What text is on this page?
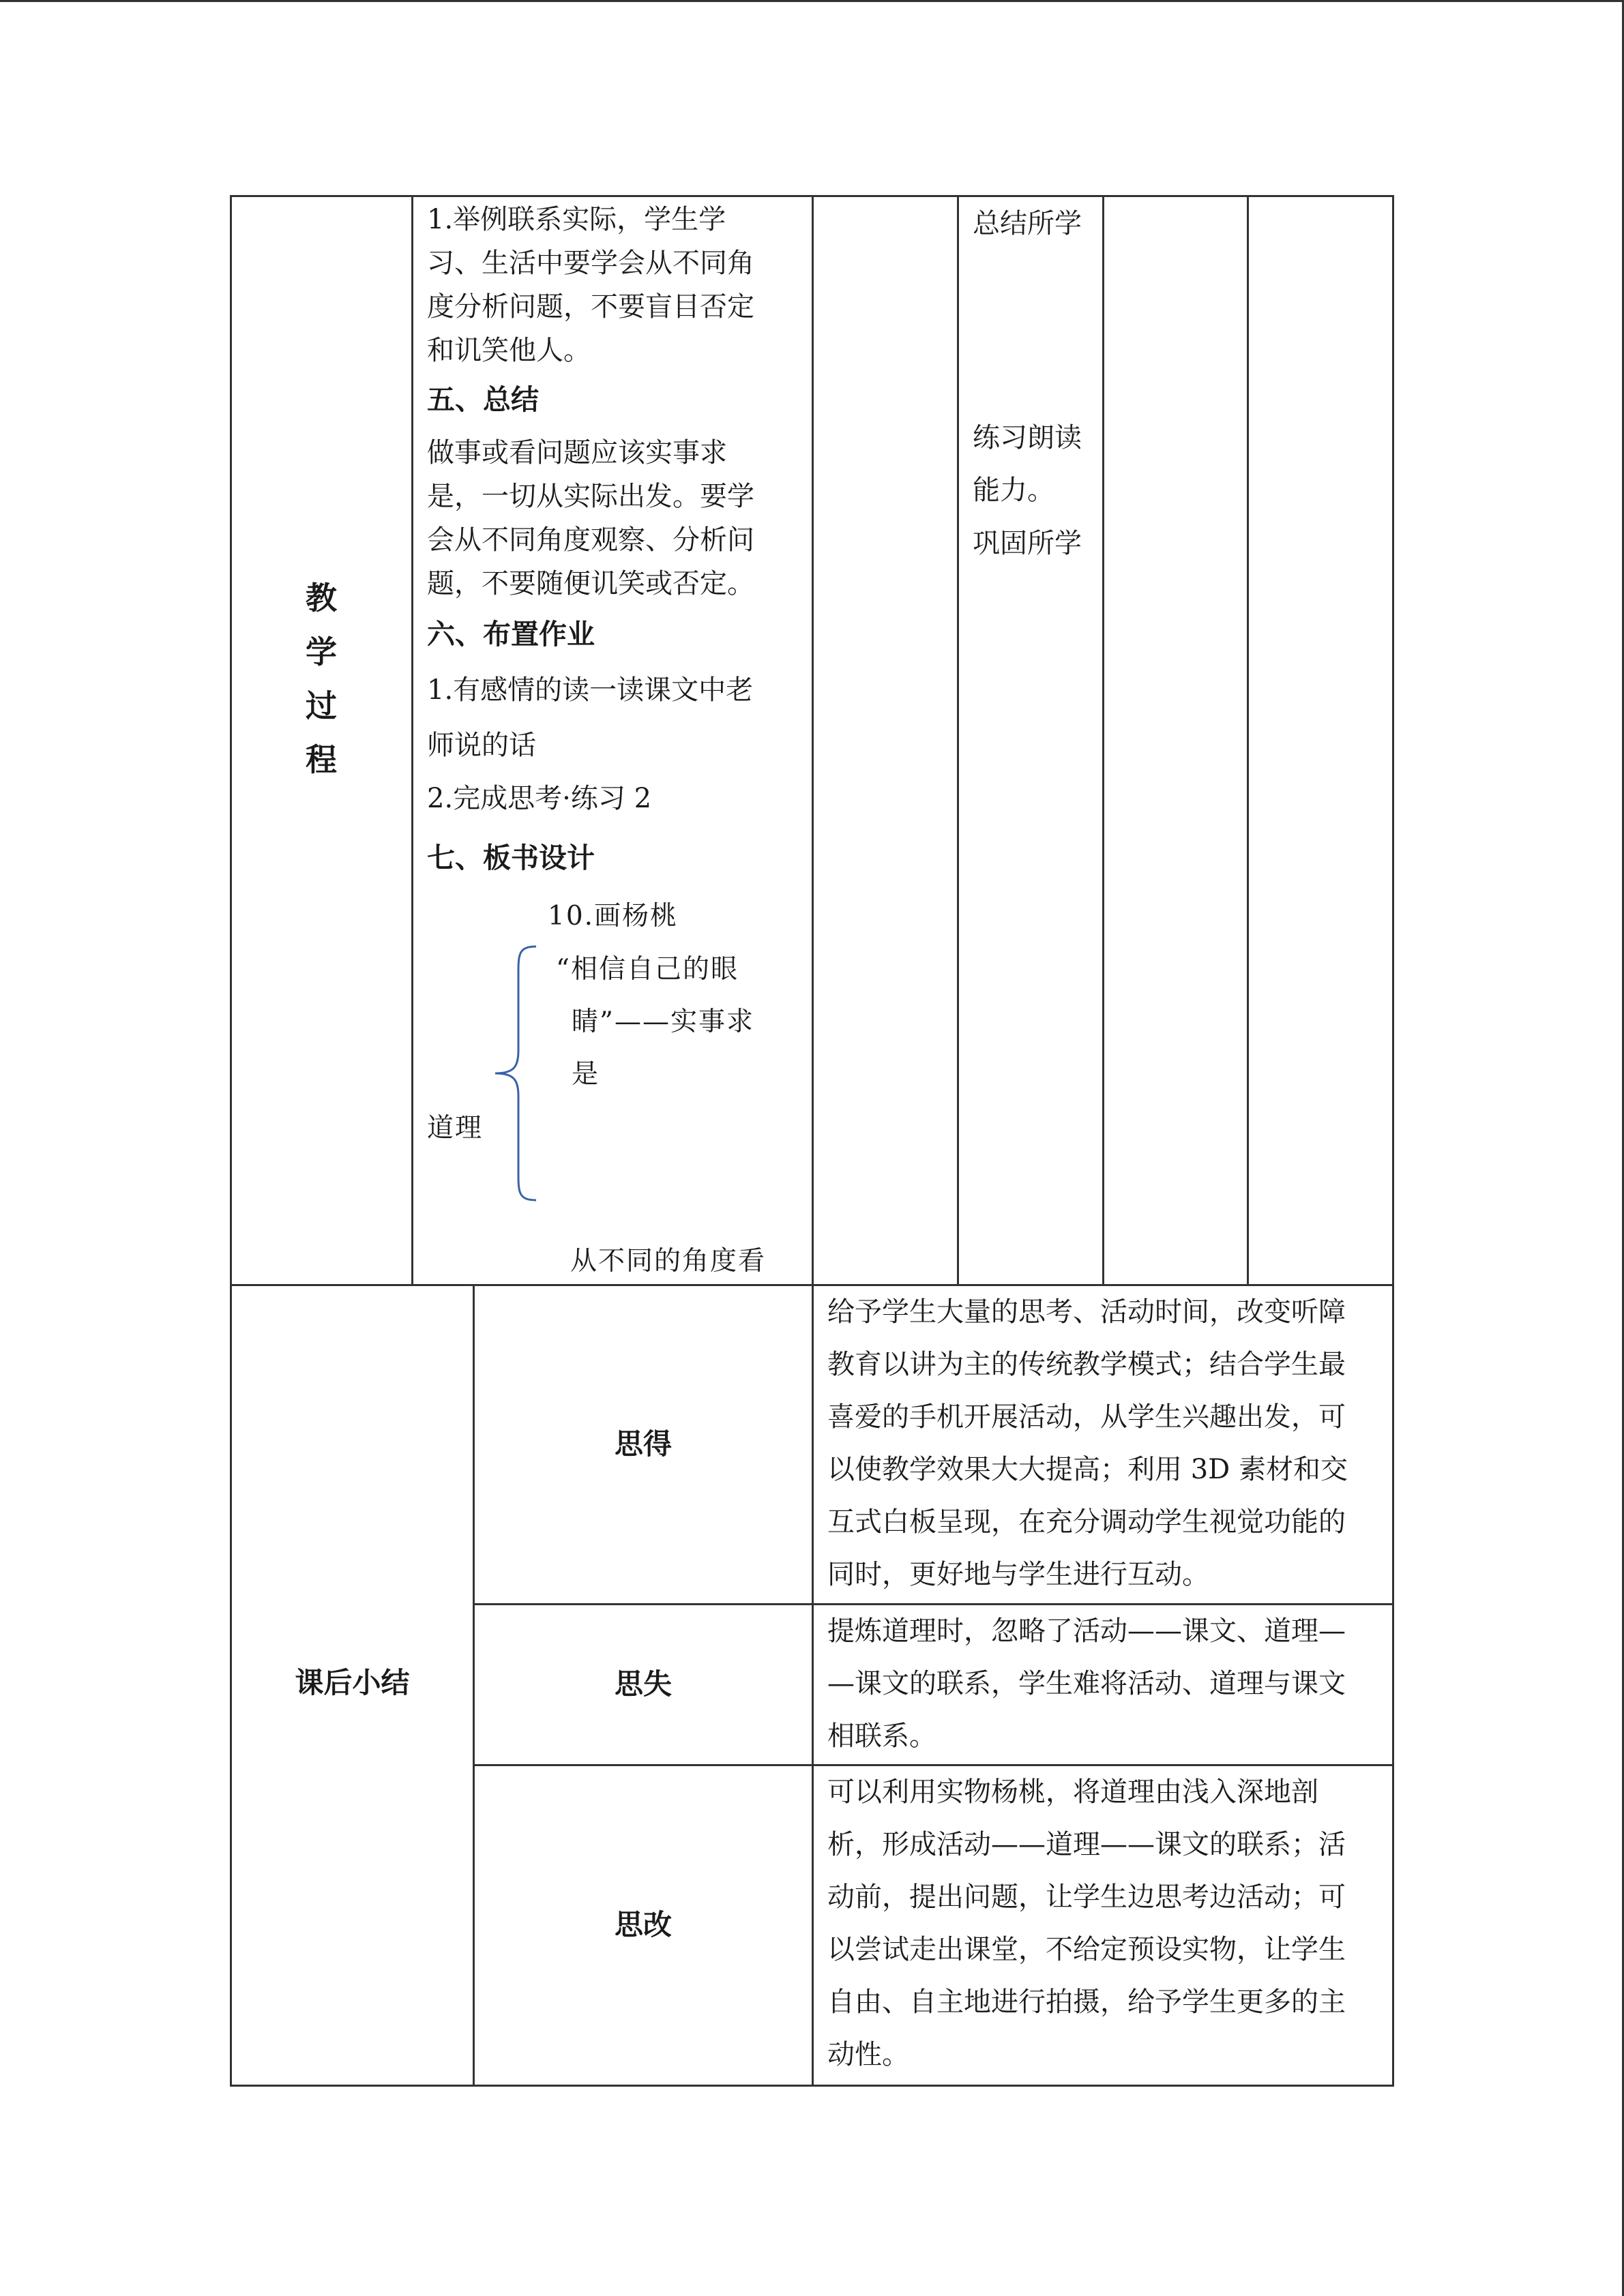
教
学
过
程
1.举例联系实际，学生学
习、生活中要学会从不同角
度分析问题，不要盲目否定
和讥笑他人。
五、总结
做事或看问题应该实事求
是，一切从实际出发。要学
会从不同角度观察、分析问
题，不要随便讥笑或否定。
六、布置作业
1.有感情的读一读课文中老
师说的话
2.完成思考·练习 2
七、板书设计
10.画杨桃
“相信自己的眼
睛”——实事求
是
道理
从不同的角度看
总结所学
练习朗读
能力。
巩固所学
课后小结
思得
思失
思改
给予学生大量的思考、活动时间，改变听障
教育以讲为主的传统教学模式；结合学生最
喜爱的手机开展活动，从学生兴趣出发，可
以使教学效果大大提高；利用 3D 素材和交
互式白板呈现，在充分调动学生视觉功能的
同时，更好地与学生进行互动。
提炼道理时，忽略了活动——课文、道理—
—课文的联系，学生难将活动、道理与课文
相联系。
可以利用实物杨桃，将道理由浅入深地剖
析，形成活动——道理——课文的联系；活
动前，提出问题，让学生边思考边活动；可
以尝试走出课堂，不给定预设实物，让学生
自由、自主地进行拍摄，给予学生更多的主
动性。
